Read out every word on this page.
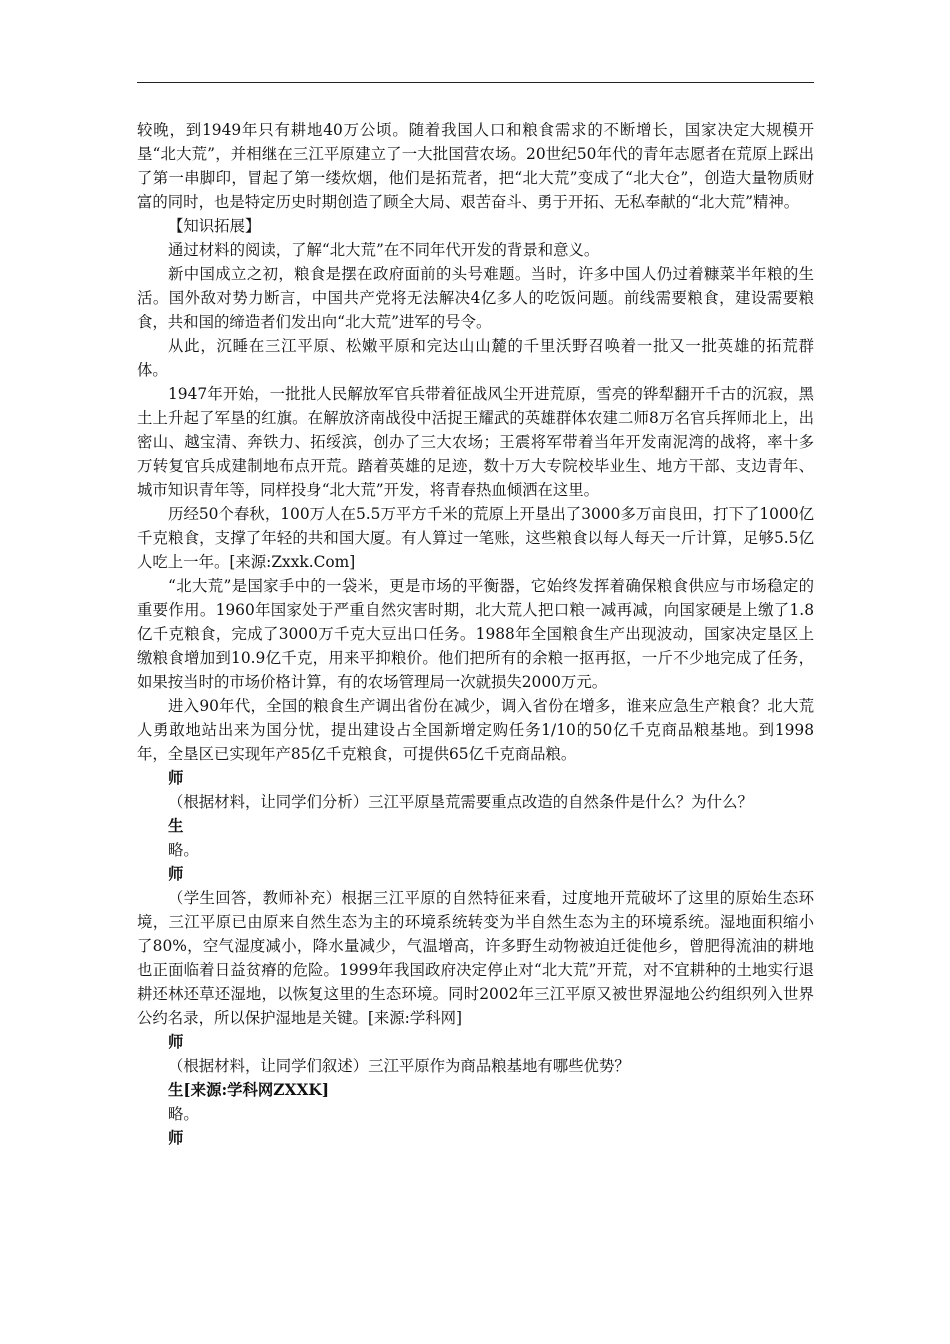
较晚，到1949年只有耕地40万公顷。随着我国人口和粮食需求的不断增长，国家决定大规模开垦“北大荒”，并相继在三江平原建立了一大批国营农场。20世纪50年代的青年志愿者在荒原上踩出了第一串脚印，冒起了第一缕炊烟，他们是拓荒者，把“北大荒”变成了“北大仓”，创造大量物质财富的同时，也是特定历史时期创造了顾全大局、艰苦奋斗、勇于开拓、无私奉献的“北大荒”精神。

【知识拓展】

通过材料的阅读，了解“北大荒”在不同年代开发的背景和意义。

新中国成立之初，粮食是摆在政府面前的头号难题。当时，许多中国人仍过着糠菜半年粮的生活。国外敌对势力断言，中国共产党将无法解决4亿多人的吃饭问题。前线需要粮食，建设需要粮食，共和国的缔造者们发出向“北大荒”进军的号令。

从此，沉睡在三江平原、松嫩平原和完达山山麓的千里沃野召唤着一批又一批英雄的拓荒群体。

1947年开始，一批批人民解放军官兵带着征战风尘开进荒原，雪亮的铧犁翻开千古的沉寂，黑土上升起了军垦的红旗。在解放济南战役中活捉王耀武的英雄群体农建二师8万名官兵挥师北上，出密山、越宝清、奔铁力、拓绥滨，创办了三大农场；王震将军带着当年开发南泥湾的战将，率十多万转复官兵成建制地布点开荒。踏着英雄的足迹，数十万大专院校毕业生、地方干部、支边青年、城市知识青年等，同样投身“北大荒”开发，将青春热血倾洒在这里。

历经50个春秋，100万人在5.5万平方千米的荒原上开垦出了3000多万亩良田，打下了1000亿千克粮食，支撑了年轻的共和国大厦。有人算过一笔账，这些粮食以每人每天一斤计算，足够5.5亿人吃上一年。[来源:Zxxk.Com]

“北大荒”是国家手中的一袋米，更是市场的平衡器，它始终发挥着确保粮食供应与市场稳定的重要作用。1960年国家处于严重自然灾害时期，北大荒人把口粮一减再减，向国家硬是上缴了1.8亿千克粮食，完成了3000万千克大豆出口任务。1988年全国粮食生产出现波动，国家决定垦区上缴粮食增加到10.9亿千克，用来平抑粮价。他们把所有的余粮一抠再抠，一斤不少地完成了任务，如果按当时的市场价格计算，有的农场管理局一次就损失2000万元。

进入90年代，全国的粮食生产调出省份在减少，调入省份在增多，谁来应急生产粮食？北大荒人勇敢地站出来为国分忧，提出建设占全国新增定购任务1/10的50亿千克商品粮基地。到1998年，全垦区已实现年产85亿千克粮食，可提供65亿千克商品粮。

师

（根据材料，让同学们分析）三江平原垦荒需要重点改造的自然条件是什么？为什么？

生

略。

师

（学生回答，教师补充）根据三江平原的自然特征来看，过度地开荒破坏了这里的原始生态环境，三江平原已由原来自然生态为主的环境系统转变为半自然生态为主的环境系统。湿地面积缩小了80%，空气湿度减小，降水量减少，气温增高，许多野生动物被迫迁徙他乡，曾肥得流油的耕地也正面临着日益贫瘠的危险。1999年我国政府决定停止对“北大荒”开荒，对不宜耕种的土地实行退耕还林还草还湿地，以恢复这里的生态环境。同时2002年三江平原又被世界湿地公约组织列入世界公约名录，所以保护湿地是关键。[来源:学科网]

师

（根据材料，让同学们叙述）三江平原作为商品粮基地有哪些优势？

生[来源:学科网ZXXK]

略。

师
